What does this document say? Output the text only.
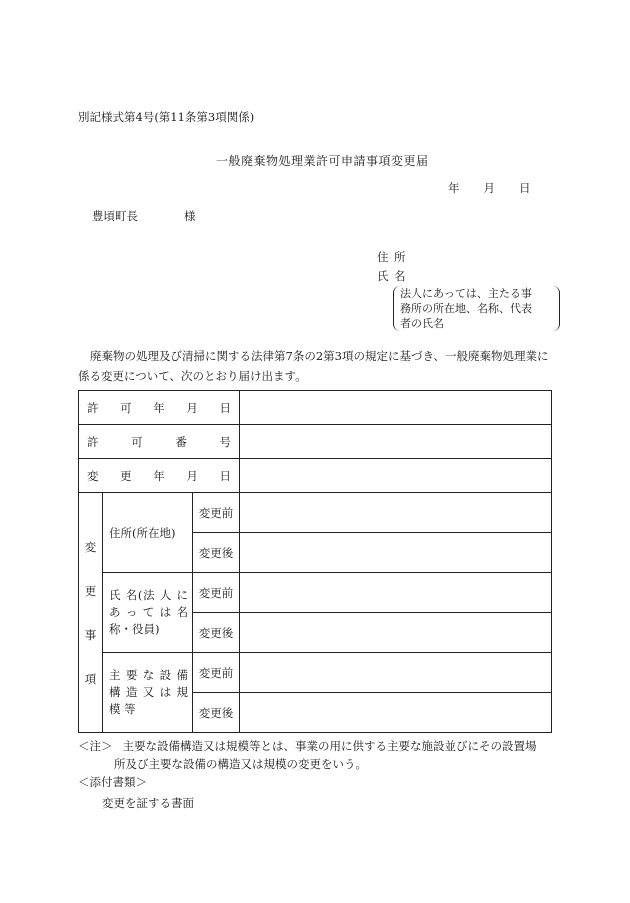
別記様式第4号(第11条第3項関係)
一般廃棄物処理業許可申請事項変更届
年 月 日
豊頃町長	様
住 所
氏 名
法人にあっては、主たる事
務所の所在地、名称、代表
者の氏名
廃棄物の処理及び清掃に関する法律第7条の2第3項の規定に基づき、一般廃棄物処理業に係る変更について、次のとおり届け出ます。
許 可 年 月 日			

許 可 番 号			

変 更 年 月 日			

変
更
事
項	住所(所在地)	変更前	
		変更後	

	氏 名(法 人 に
あ っ て は 名
称・役員)	変更前	
		変更後	

	主 要 な 設 備
構 造 又 は 規
模 等	変更前	
		変更後	
＜注＞ 主要な設備構造又は規模等とは、事業の用に供する主要な施設並びにその設置場
所及び主要な設備の構造又は規模の変更をいう。
＜添付書類＞
変更を証する書面
